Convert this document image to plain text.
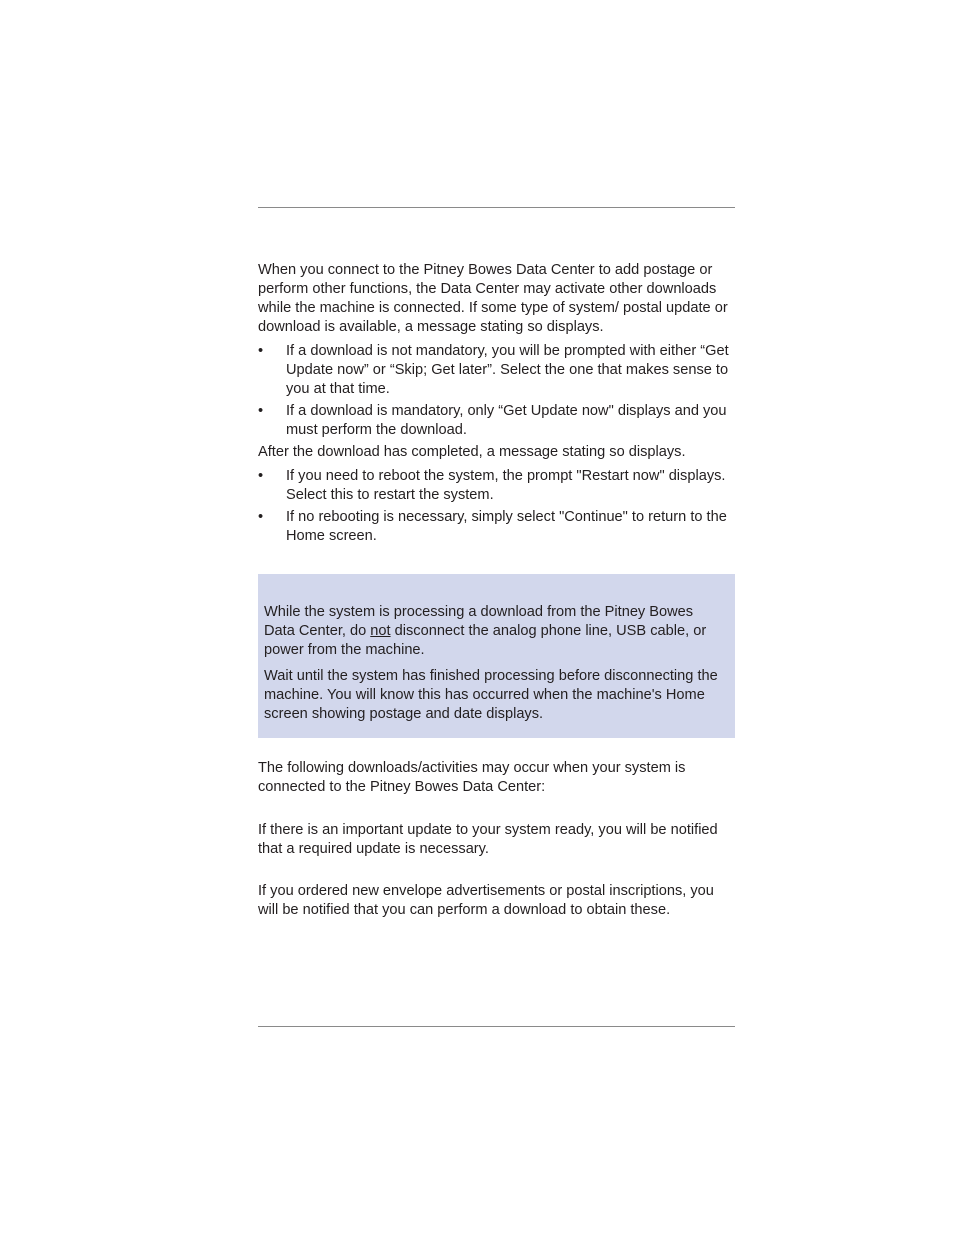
When you connect to the Pitney Bowes Data Center to add postage or perform other functions, the Data Center may activate other downloads while the machine is connected. If some type of system/ postal update or download is available, a message stating so displays.

• If a download is not mandatory, you will be prompted with either “Get Update now” or “Skip; Get later”. Select the one that makes sense to you at that time.
• If a download is mandatory, only “Get Update now" displays and you must perform the download.

After the download has completed, a message stating so displays.

• If you need to reboot the system, the prompt "Restart now" displays. Select this to restart the system.
• If no rebooting is necessary, simply select "Continue" to return to the Home screen.

While the system is processing a download from the Pitney Bowes Data Center, do not disconnect the analog phone line, USB cable, or power from the machine.

Wait until the system has finished processing before disconnecting the machine. You will know this has occurred when the machine's Home screen showing postage and date displays.

The following downloads/activities may occur when your system is connected to the Pitney Bowes Data Center:

If there is an important update to your system ready, you will be notified that a required update is necessary.

If you ordered new envelope advertisements or postal inscriptions, you will be notified that you can perform a download to obtain these.
